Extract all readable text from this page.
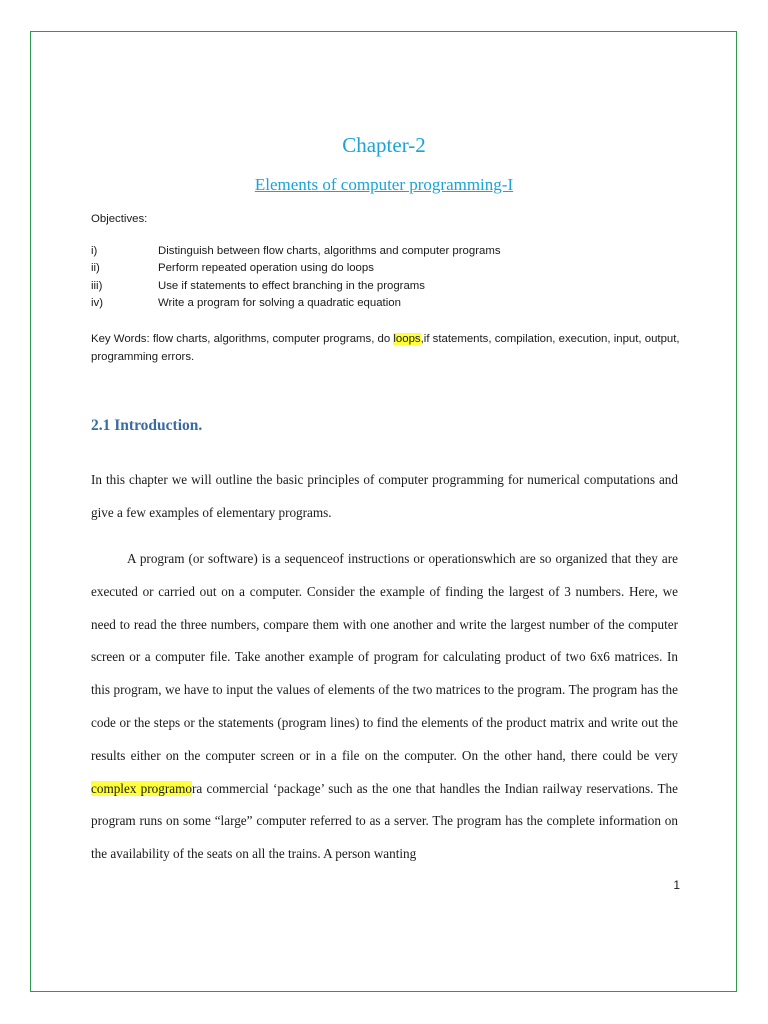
Chapter-2
Elements of computer programming-I
Objectives:
i)	Distinguish between flow charts, algorithms and computer programs
ii)	Perform repeated operation using do loops
iii)	Use if statements to effect branching in the programs
iv)	Write a program for solving a quadratic equation
Key Words: flow charts, algorithms, computer programs, do loops,if statements, compilation, execution, input, output, programming errors.
2.1 Introduction.

In this chapter we will outline the basic principles of computer programming for numerical computations and give a few examples of elementary programs.

A program (or software) is a sequenceof instructions or operationswhich are so organized that they are executed or carried out on a computer. Consider the example of finding the largest of 3 numbers. Here, we need to read the three numbers, compare them with one another and write the largest number of the computer screen or a computer file. Take another example of program for calculating product of two 6x6 matrices. In this program, we have to input the values of elements of the two matrices to the program. The program has the code or the steps or the statements (program lines) to find the elements of the product matrix and write out the results either on the computer screen or in a file on the computer. On the other hand, there could be very complex programora commercial ‘package’ such as the one that handles the Indian railway reservations. The program runs on some “large” computer referred to as a server. The program has the complete information on the availability of the seats on all the trains. A person wanting

1
